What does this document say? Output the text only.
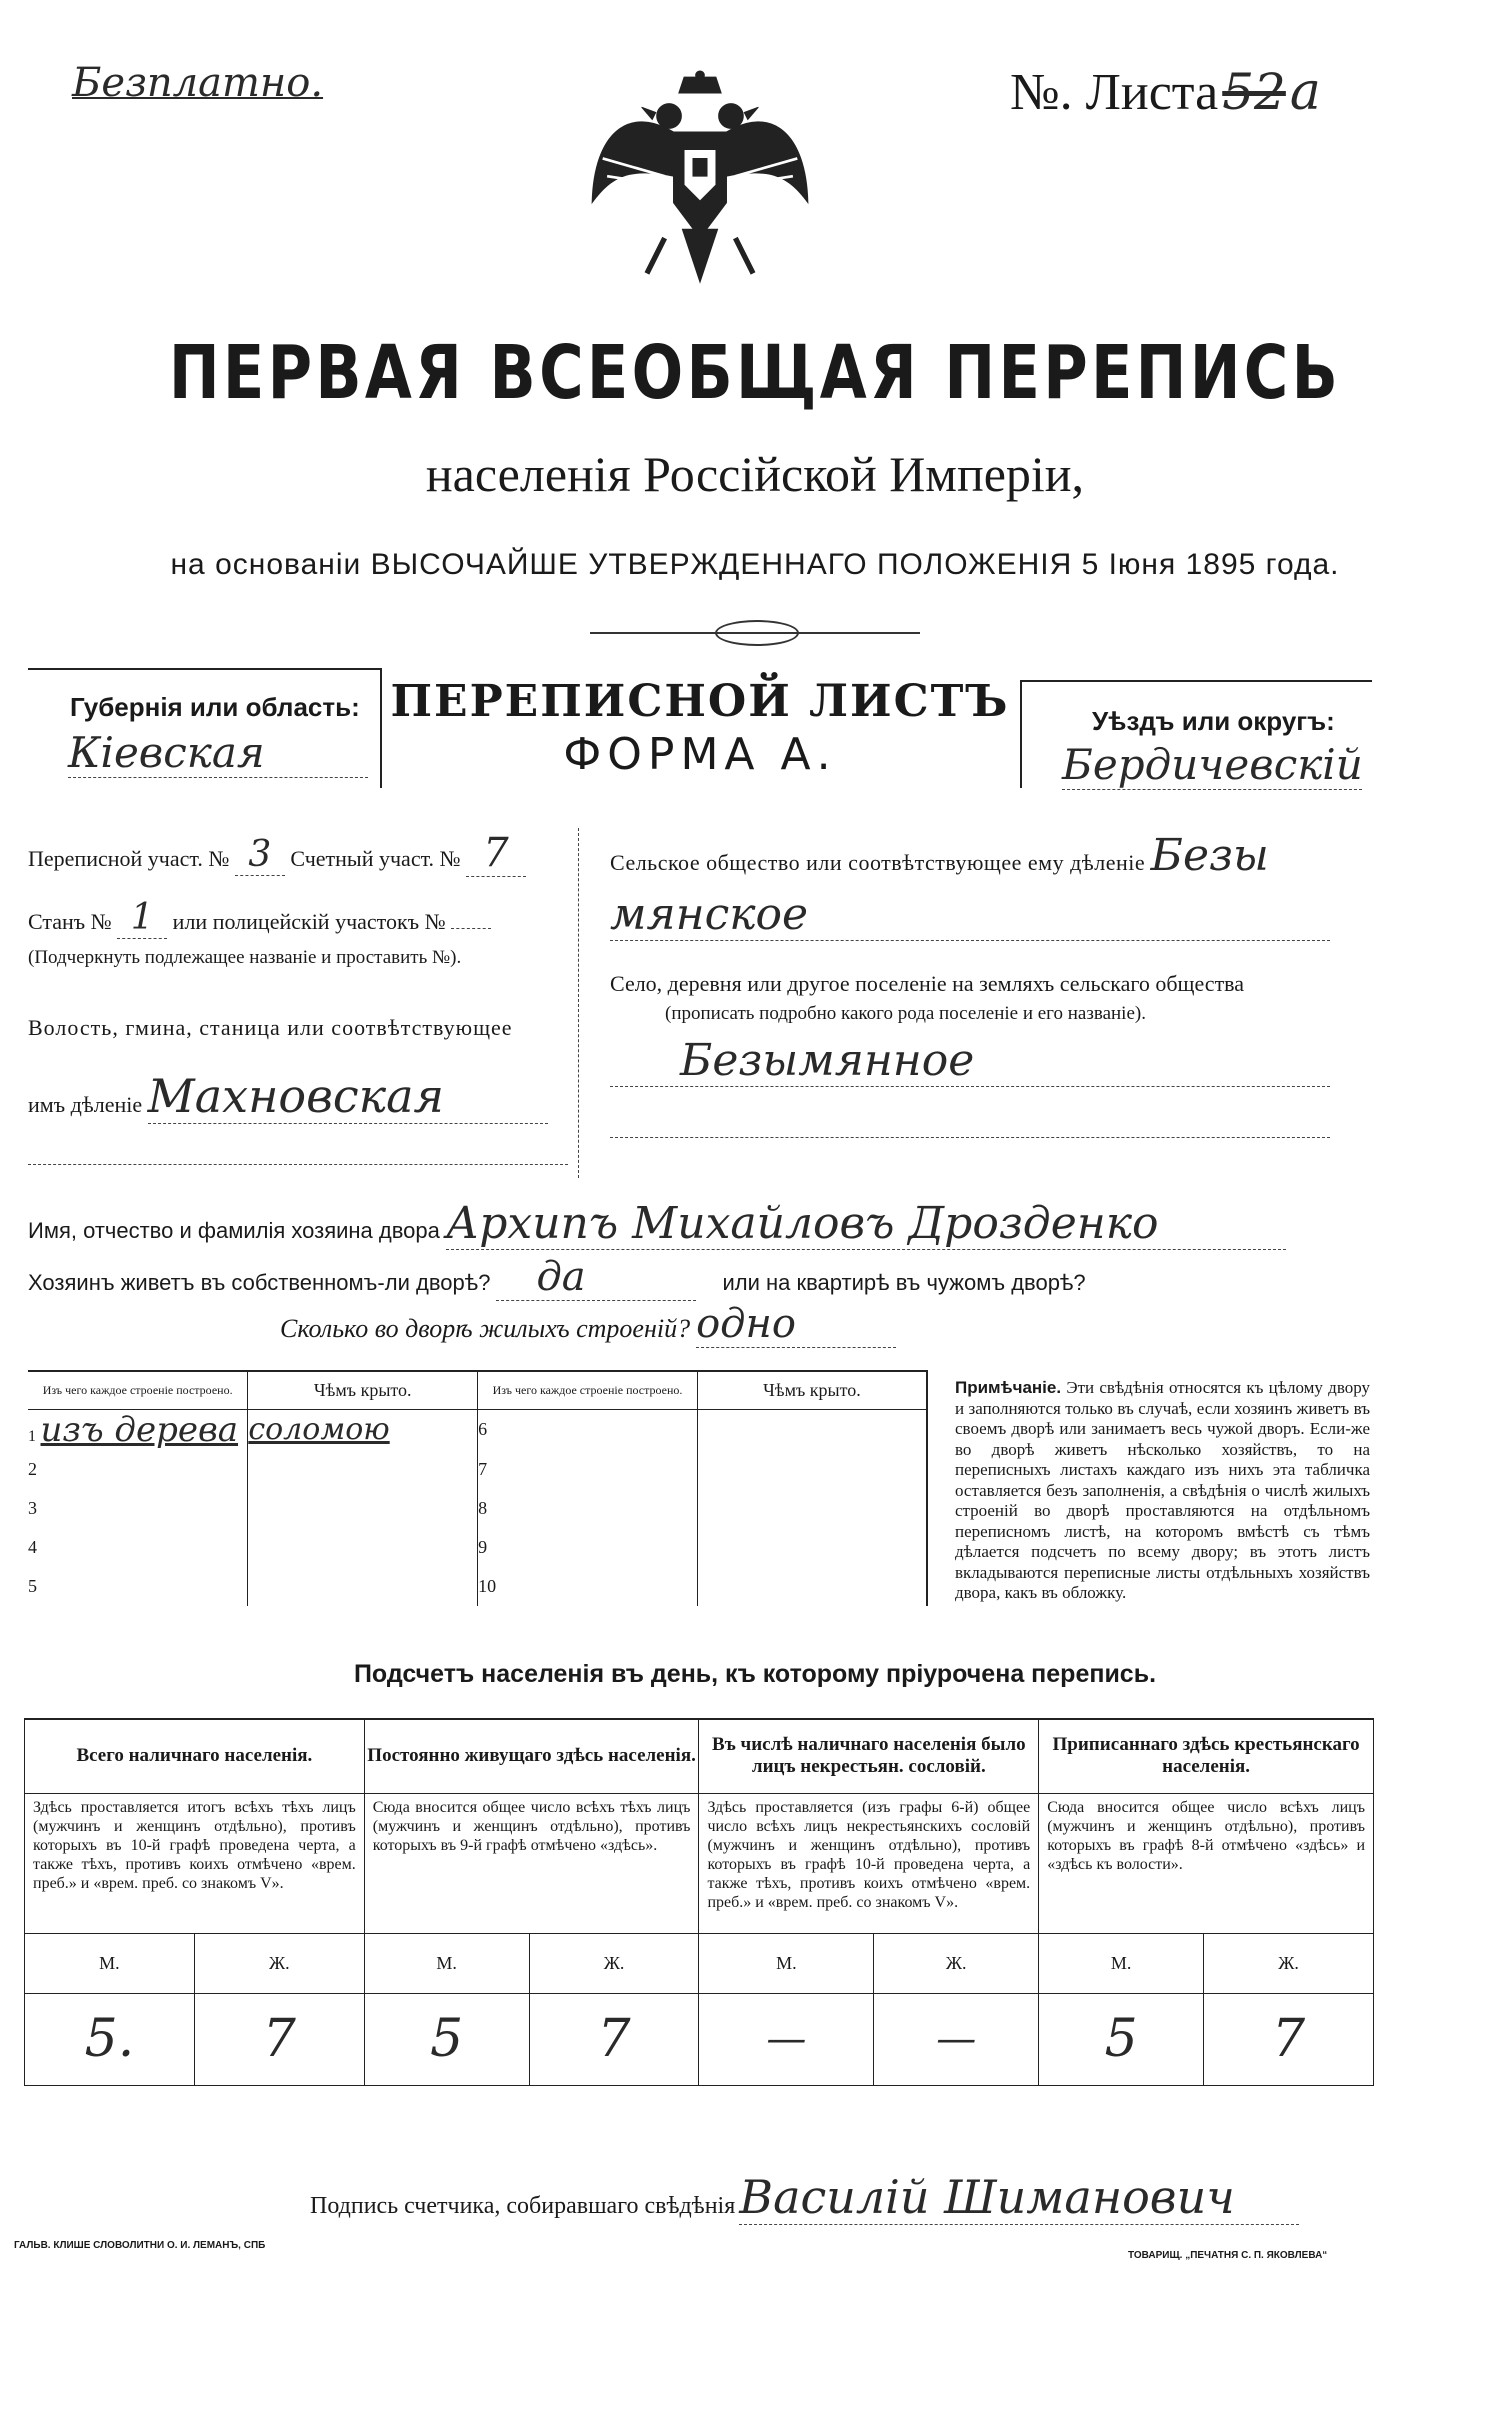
Безплатно.	№. Листа 52 а
ПЕРВАЯ ВСЕОБЩАЯ ПЕРЕПИСЬ
населенія Россійской Имперіи,
на основаніи ВЫСОЧАЙШЕ УТВЕРЖДЕННАГО ПОЛОЖЕНІЯ 5 Іюня 1895 года.
Губернія или область:
Кіевская
ПЕРЕПИСНОЙ ЛИСТЪ
ФОРМА А.
Уѣздъ или округъ:
Бердичевскій
Переписной участ. № 3 Счетный участ. № 7
Станъ № 1 или полицейскій участокъ №
(Подчеркнуть подлежащее названіе и проставить №).
Волость, гмина, станица или соотвѣтствующее
имъ дѣленіе Махновская
Сельское общество или соотвѣтствующее ему дѣленіе Безы
мянское
Село, деревня или другое поселеніе на земляхъ сельскаго общества
(прописать подробно какого рода поселеніе и его названіе).
Безымянное
Имя, отчество и фамилія хозяина двора Архипъ Михайловъ Дрозденко
Хозяинъ живетъ въ собственномъ-ли дворѣ? да	или на квартирѣ въ чужомъ дворѣ?
Сколько во дворѣ жилыхъ строеній? одно
Изъ чего каждое строеніе построено.	Чѣмъ крыто.	Изъ чего каждое строеніе построено.	Чѣмъ крыто.
1 изъ дерева	соломою	6	
2		7	
3		8	
4		9	
5		10	
Примѣчаніе. Эти свѣдѣнія относятся къ цѣлому двору и заполняются только въ случаѣ, если хозяинъ живетъ въ своемъ дворѣ или занимаетъ весь чужой дворъ. Если-же во дворѣ живетъ нѣсколько хозяйствъ, то на переписныхъ листахъ каждаго изъ нихъ эта табличка оставляется безъ заполненія, а свѣдѣнія о числѣ жилыхъ строеній во дворѣ проставляются на отдѣльномъ переписномъ листѣ, на которомъ вмѣстѣ съ тѣмъ дѣлается подсчетъ по всему двору; въ этотъ листъ вкладываются переписные листы отдѣльныхъ хозяйствъ двора, какъ въ обложку.
Подсчетъ населенія въ день, къ которому пріурочена перепись.
Всего наличнаго населенія.		Постоянно живущаго здѣсь населенія.		Въ числѣ наличнаго населенія было лицъ некрестьян. сословій.		Приписаннаго здѣсь крестьянскаго населенія.	
Здѣсь проставляется итогъ всѣхъ тѣхъ лицъ (мужчинъ и женщинъ отдѣльно), противъ которыхъ въ 10-й графѣ проведена черта, а также тѣхъ, противъ коихъ отмѣчено «врем. преб.» и «врем. преб. со знакомъ V».		Сюда вносится общее число всѣхъ тѣхъ лицъ (мужчинъ и женщинъ отдѣльно), противъ которыхъ въ 9-й графѣ отмѣчено «здѣсь».		Здѣсь проставляется (изъ графы 6-й) общее число всѣхъ лицъ некрестьянскихъ сословій (мужчинъ и женщинъ отдѣльно), противъ которыхъ въ графѣ 10-й проведена черта, а также тѣхъ, противъ коихъ отмѣчено «врем. преб.» и «врем. преб. со знакомъ V».		Сюда вносится общее число всѣхъ лицъ (мужчинъ и женщинъ отдѣльно), противъ которыхъ въ графѣ 8-й отмѣчено «здѣсь» и «здѣсь къ волости».	
М.	Ж.	М.	Ж.	М.	Ж.	М.	Ж.
5.	7	5	7	—	—	5	7
Подпись счетчика, собиравшаго свѣдѣнія Василій Шиманович
ГАЛЬВ. КЛИШЕ СЛОВОЛИТНИ О. И. ЛЕМАНЪ, СПБ
ТОВАРИЩ. „ПЕЧАТНЯ С. П. ЯКОВЛЕВА“
